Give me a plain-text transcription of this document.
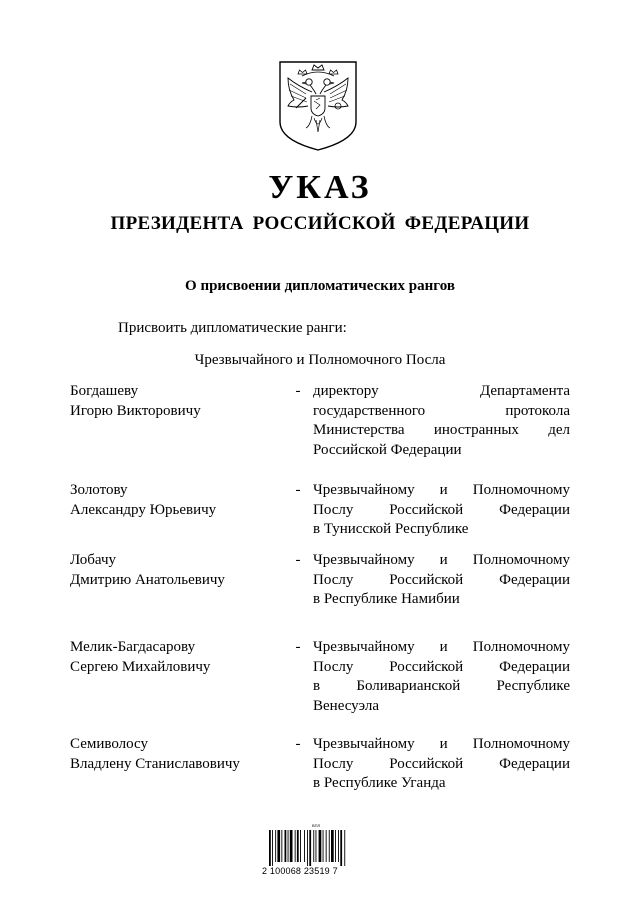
УКАЗ
ПРЕЗИДЕНТА РОССИЙСКОЙ ФЕДЕРАЦИИ
О присвоении дипломатических рангов
Присвоить дипломатические ранги:
Чрезвычайного и Полномочного Посла
Богдашеву
Игорю Викторовичу
- директору	Департамента
государственного	протокола
Министерства иностранных дел
Российской Федерации
Золотову
Александру Юрьевичу
- Чрезвычайному и Полномочному
Послу Российской Федерации
в Тунисской Республике
Лобачу
Дмитрию Анатольевичу
- Чрезвычайному и Полномочному
Послу Российской Федерации
в Республике Намибии
Мелик-Багдасарову
Сергею Михайловичу
- Чрезвычайному и Полномочному
Послу Российской Федерации
в Боливарианской Республике
Венесуэла
Семиволосу
Владлену Станиславовичу
- Чрезвычайному и Полномочному
Послу Российской Федерации
в Республике Уганда
ВПЛ
2 100068 23519 7
